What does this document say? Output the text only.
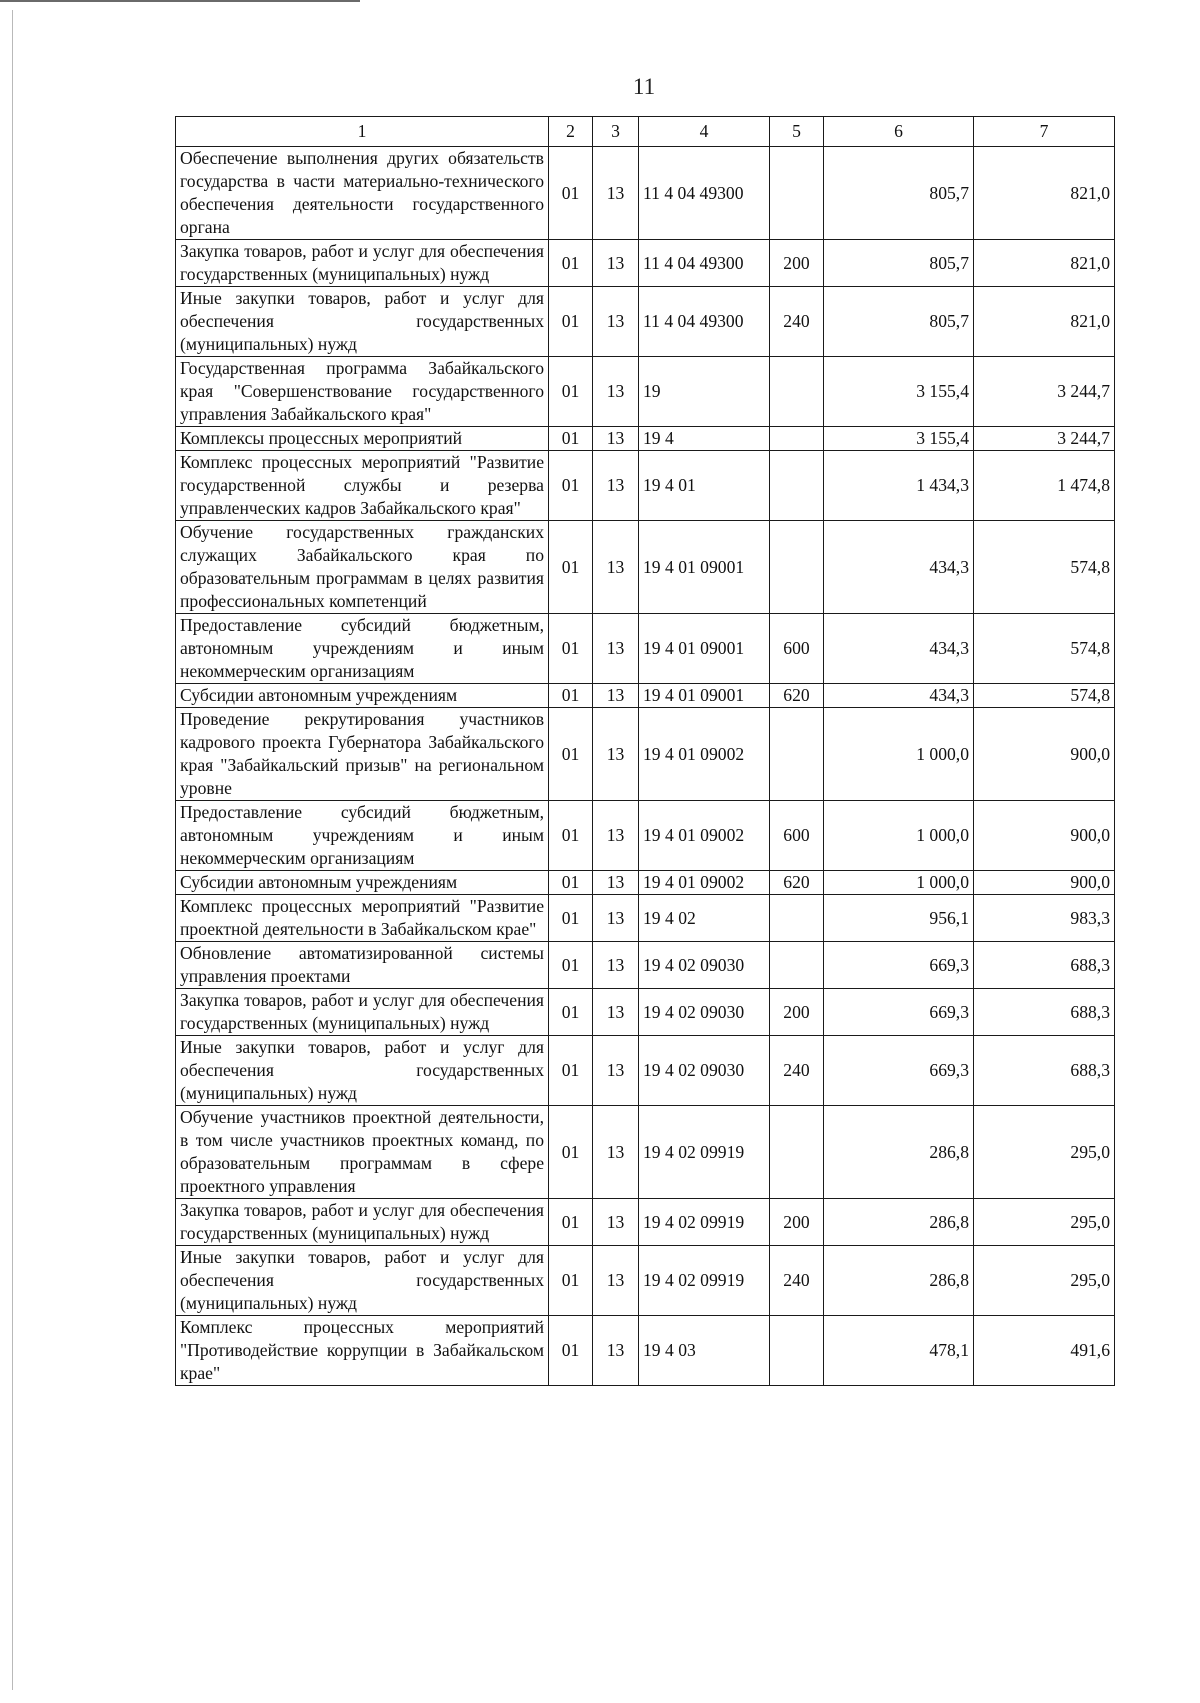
11
1	2	3	4	5	6	7
Обеспечение выполнения других обязательств государства в части материально-технического обеспечения деятельности государственного органа	01	13	11 4 04 49300		805,7	821,0
Закупка товаров, работ и услуг для обеспечения государственных (муниципальных) нужд	01	13	11 4 04 49300	200	805,7	821,0
Иные закупки товаров, работ и услуг для обеспечения государственных (муниципальных) нужд	01	13	11 4 04 49300	240	805,7	821,0
Государственная программа Забайкальского края "Совершенствование государственного управления Забайкальского края"	01	13	19		3 155,4	3 244,7
Комплексы процессных мероприятий	01	13	19 4		3 155,4	3 244,7
Комплекс процессных мероприятий "Развитие государственной службы и резерва управленческих кадров Забайкальского края"	01	13	19 4 01		1 434,3	1 474,8
Обучение государственных гражданских служащих Забайкальского края по образовательным программам в целях развития профессиональных компетенций	01	13	19 4 01 09001		434,3	574,8
Предоставление субсидий бюджетным, автономным учреждениям и иным некоммерческим организациям	01	13	19 4 01 09001	600	434,3	574,8
Субсидии автономным учреждениям	01	13	19 4 01 09001	620	434,3	574,8
Проведение рекрутирования участников кадрового проекта Губернатора Забайкальского края "Забайкальский призыв" на региональном уровне	01	13	19 4 01 09002		1 000,0	900,0
Предоставление субсидий бюджетным, автономным учреждениям и иным некоммерческим организациям	01	13	19 4 01 09002	600	1 000,0	900,0
Субсидии автономным учреждениям	01	13	19 4 01 09002	620	1 000,0	900,0
Комплекс процессных мероприятий "Развитие проектной деятельности в Забайкальском крае"	01	13	19 4 02		956,1	983,3
Обновление автоматизированной системы управления проектами	01	13	19 4 02 09030		669,3	688,3
Закупка товаров, работ и услуг для обеспечения государственных (муниципальных) нужд	01	13	19 4 02 09030	200	669,3	688,3
Иные закупки товаров, работ и услуг для обеспечения государственных (муниципальных) нужд	01	13	19 4 02 09030	240	669,3	688,3
Обучение участников проектной деятельности, в том числе участников проектных команд, по образовательным программам в сфере проектного управления	01	13	19 4 02 09919		286,8	295,0
Закупка товаров, работ и услуг для обеспечения государственных (муниципальных) нужд	01	13	19 4 02 09919	200	286,8	295,0
Иные закупки товаров, работ и услуг для обеспечения государственных (муниципальных) нужд	01	13	19 4 02 09919	240	286,8	295,0
Комплекс процессных мероприятий "Противодействие коррупции в Забайкальском крае"	01	13	19 4 03		478,1	491,6
